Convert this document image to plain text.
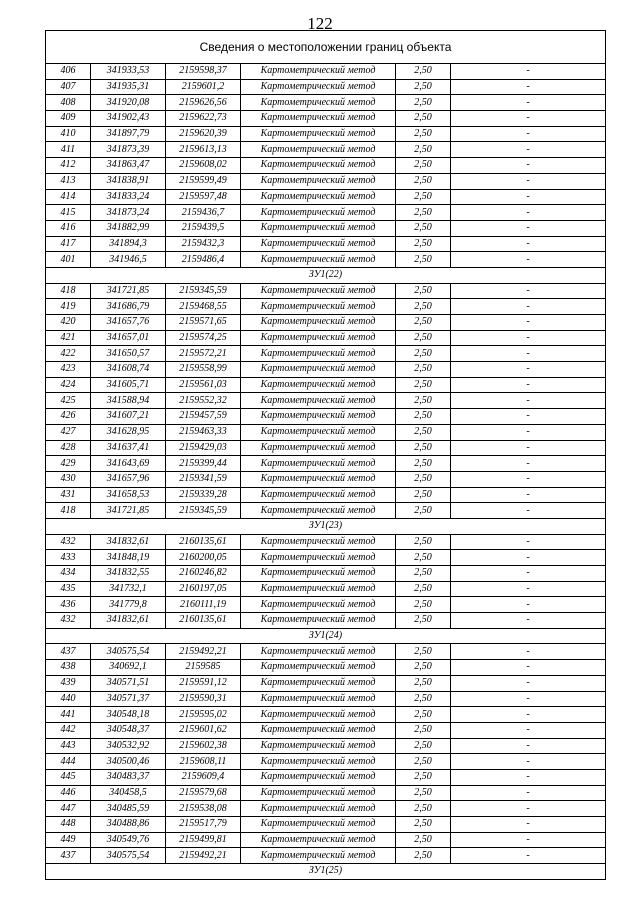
122
Сведения о местоположении границ объекта					
406	341933,53	2159598,37	Картометрический метод	2,50	-
407	341935,31	2159601,2	Картометрический метод	2,50	-
408	341920,08	2159626,56	Картометрический метод	2,50	-
409	341902,43	2159622,73	Картометрический метод	2,50	-
410	341897,79	2159620,39	Картометрический метод	2,50	-
411	341873,39	2159613,13	Картометрический метод	2,50	-
412	341863,47	2159608,02	Картометрический метод	2,50	-
413	341838,91	2159599,49	Картометрический метод	2,50	-
414	341833,24	2159597,48	Картометрический метод	2,50	-
415	341873,24	2159436,7	Картометрический метод	2,50	-
416	341882,99	2159439,5	Картометрический метод	2,50	-
417	341894,3	2159432,3	Картометрический метод	2,50	-
401	341946,5	2159486,4	Картометрический метод	2,50	-
ЗУ1(22)					
418	341721,85	2159345,59	Картометрический метод	2,50	-
419	341686,79	2159468,55	Картометрический метод	2,50	-
420	341657,76	2159571,65	Картометрический метод	2,50	-
421	341657,01	2159574,25	Картометрический метод	2,50	-
422	341650,57	2159572,21	Картометрический метод	2,50	-
423	341608,74	2159558,99	Картометрический метод	2,50	-
424	341605,71	2159561,03	Картометрический метод	2,50	-
425	341588,94	2159552,32	Картометрический метод	2,50	-
426	341607,21	2159457,59	Картометрический метод	2,50	-
427	341628,95	2159463,33	Картометрический метод	2,50	-
428	341637,41	2159429,03	Картометрический метод	2,50	-
429	341643,69	2159399,44	Картометрический метод	2,50	-
430	341657,96	2159341,59	Картометрический метод	2,50	-
431	341658,53	2159339,28	Картометрический метод	2,50	-
418	341721,85	2159345,59	Картометрический метод	2,50	-
ЗУ1(23)					
432	341832,61	2160135,61	Картометрический метод	2,50	-
433	341848,19	2160200,05	Картометрический метод	2,50	-
434	341832,55	2160246,82	Картометрический метод	2,50	-
435	341732,1	2160197,05	Картометрический метод	2,50	-
436	341779,8	2160111,19	Картометрический метод	2,50	-
432	341832,61	2160135,61	Картометрический метод	2,50	-
ЗУ1(24)					
437	340575,54	2159492,21	Картометрический метод	2,50	-
438	340692,1	2159585	Картометрический метод	2,50	-
439	340571,51	2159591,12	Картометрический метод	2,50	-
440	340571,37	2159590,31	Картометрический метод	2,50	-
441	340548,18	2159595,02	Картометрический метод	2,50	-
442	340548,37	2159601,62	Картометрический метод	2,50	-
443	340532,92	2159602,38	Картометрический метод	2,50	-
444	340500,46	2159608,11	Картометрический метод	2,50	-
445	340483,37	2159609,4	Картометрический метод	2,50	-
446	340458,5	2159579,68	Картометрический метод	2,50	-
447	340485,59	2159538,08	Картометрический метод	2,50	-
448	340488,86	2159517,79	Картометрический метод	2,50	-
449	340549,76	2159499,81	Картометрический метод	2,50	-
437	340575,54	2159492,21	Картометрический метод	2,50	-
ЗУ1(25)					
